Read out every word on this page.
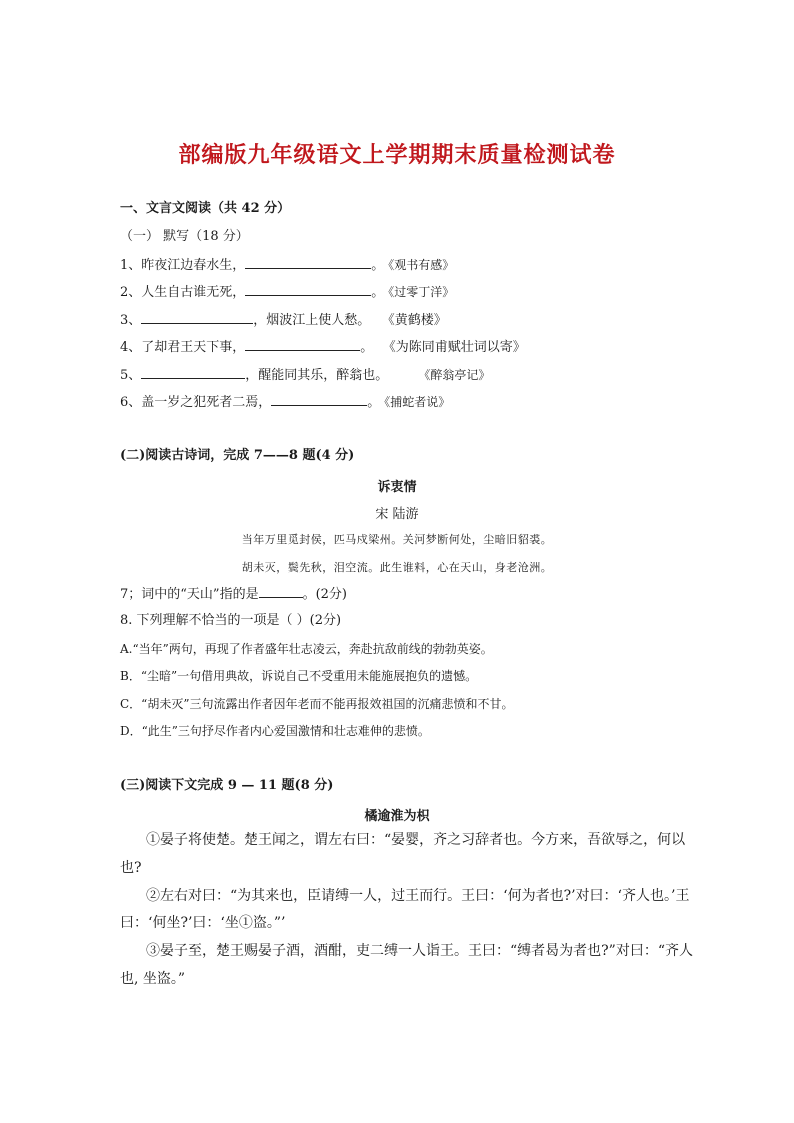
部编版九年级语文上学期期末质量检测试卷
一、文言文阅读（共 42 分）
（一） 默写（18 分）
1、昨夜江边春水生，	。 《观书有感》
2、人生自古谁无死，	。 《过零丁洋》
3、	，烟波江上使人愁。 《黄鹤楼》
4、了却君王天下事，	。 《为陈同甫赋壮词以寄》
5、	，醒能同其乐，醉翁也。	《醉翁亭记》
6、盖一岁之犯死者二焉，	。 《捕蛇者说》
(二)阅读古诗词，完成 7——8 题(4 分)
诉衷情
宋 陆游
当年万里觅封侯，匹马戍梁州。关河梦断何处，尘暗旧貂裘。
胡未灭，鬓先秋，泪空流。此生谁料，心在天山，身老沧洲。
7；词中的“天山”指的是	。(2分)
8. 下列理解不恰当的一项是（ ）(2分)
A.“当年”两句，再现了作者盛年壮志凌云，奔赴抗敌前线的勃勃英姿。
B．“尘暗”一句借用典故，诉说自己不受重用未能施展抱负的遗憾。
C．“胡未灭”三句流露出作者因年老而不能再报效祖国的沉痛悲愤和不甘。
D．“此生”三句抒尽作者内心爱国激情和壮志难伸的悲愤。
(三)阅读下文完成 9 — 11 题(8 分)
橘逾淮为枳
①晏子将使楚。楚王闻之，谓左右曰：“晏婴，齐之习辞者也。今方来，吾欲辱之，何以
也?
②左右对曰：“为其来也，臣请缚一人，过王而行。王曰：‘何为者也?’对曰：‘齐人也。’王
曰：‘何坐?’曰：‘坐①盗。”’
③晏子至，楚王赐晏子酒，酒酣，吏二缚一人诣王。王曰：“缚者曷为者也?”对曰：“齐人
也, 坐盗。”
